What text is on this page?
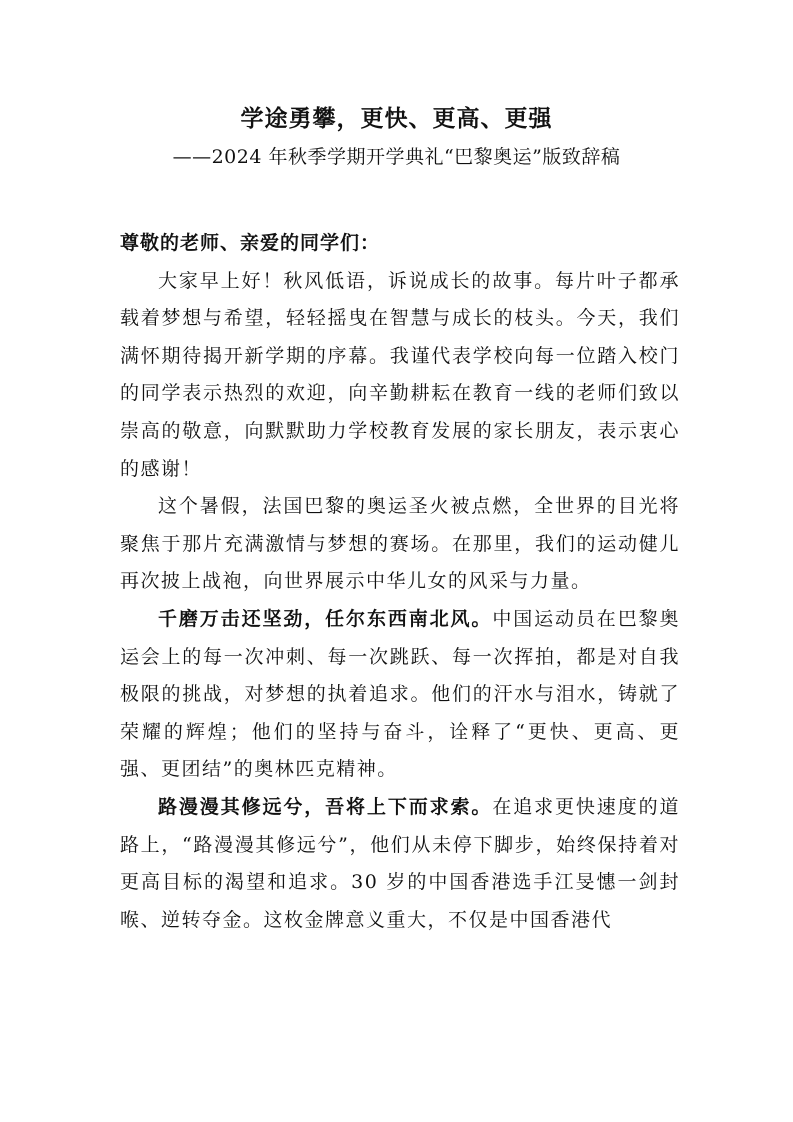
学途勇攀，更快、更高、更强
——2024 年秋季学期开学典礼“巴黎奥运”版致辞稿

尊敬的老师、亲爱的同学们：

大家早上好！秋风低语，诉说成长的故事。每片叶子都承载着梦想与希望，轻轻摇曳在智慧与成长的枝头。今天，我们满怀期待揭开新学期的序幕。我谨代表学校向每一位踏入校门的同学表示热烈的欢迎，向辛勤耕耘在教育一线的老师们致以崇高的敬意，向默默助力学校教育发展的家长朋友，表示衷心的感谢！

这个暑假，法国巴黎的奥运圣火被点燃，全世界的目光将聚焦于那片充满激情与梦想的赛场。在那里，我们的运动健儿再次披上战袍，向世界展示中华儿女的风采与力量。

千磨万击还坚劲，任尔东西南北风。中国运动员在巴黎奥运会上的每一次冲刺、每一次跳跃、每一次挥拍，都是对自我极限的挑战，对梦想的执着追求。他们的汗水与泪水，铸就了荣耀的辉煌；他们的坚持与奋斗，诠释了“更快、更高、更强、更团结”的奥林匹克精神。

路漫漫其修远兮，吾将上下而求索。在追求更快速度的道路上，“路漫漫其修远兮”，他们从未停下脚步，始终保持着对更高目标的渴望和追求。30 岁的中国香港选手江旻憓一剑封喉、逆转夺金。这枚金牌意义重大，不仅是中国香港代
